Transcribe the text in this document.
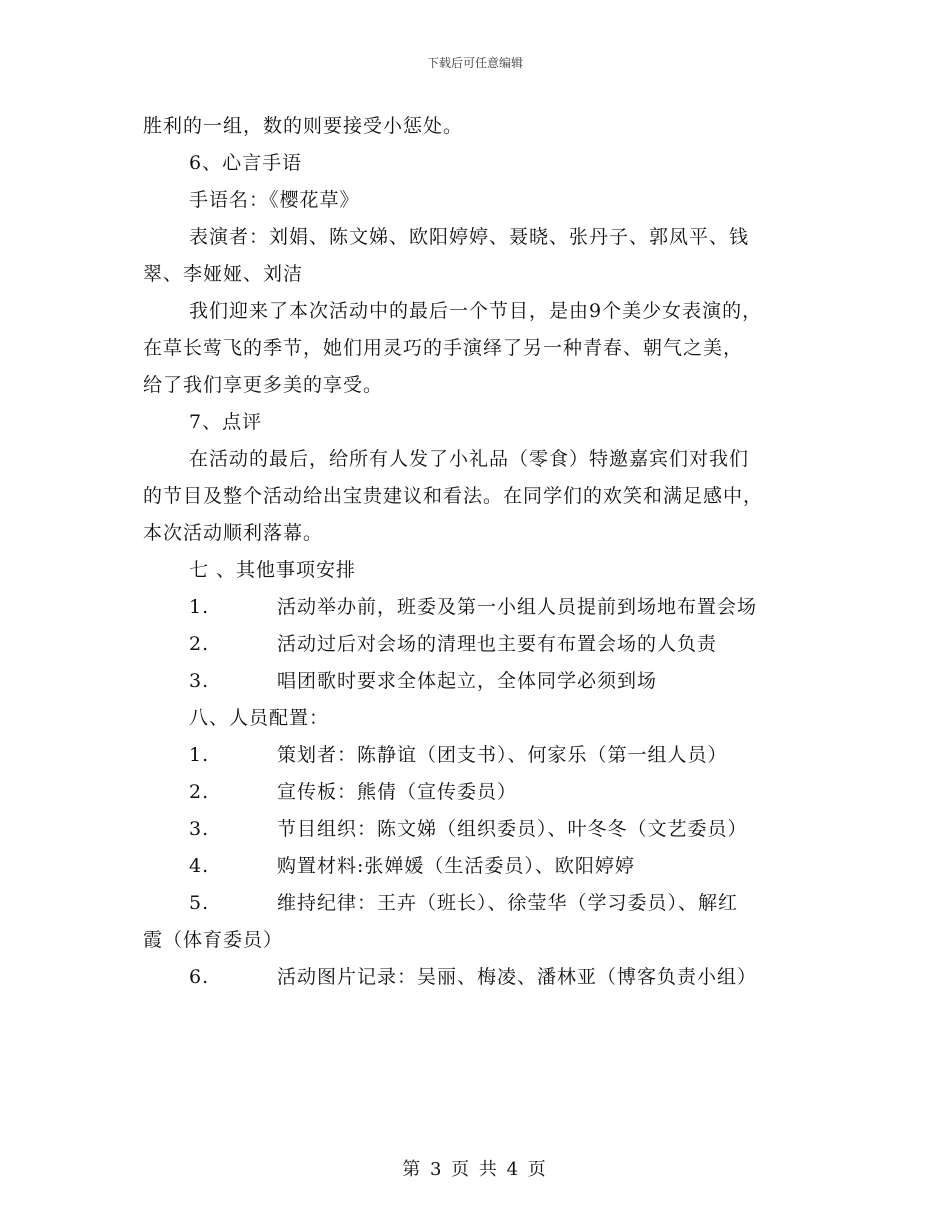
下载后可任意编辑
胜利的一组，数的则要接受小惩处。
6、心言手语
手语名：《樱花草》
表演者：刘娟、陈文娣、欧阳婷婷、聂晓、张丹子、郭凤平、钱
翠、李娅娅、刘洁
我们迎来了本次活动中的最后一个节目，是由9个美少女表演的，
在草长莺飞的季节，她们用灵巧的手演绎了另一种青春、朝气之美，
给了我们享更多美的享受。
7、点评
在活动的最后，给所有人发了小礼品（零食）特邀嘉宾们对我们
的节目及整个活动给出宝贵建议和看法。在同学们的欢笑和满足感中，
本次活动顺利落幕。
七 、其他事项安排
1.	活动举办前，班委及第一小组人员提前到场地布置会场
2.	活动过后对会场的清理也主要有布置会场的人负责
3.	唱团歌时要求全体起立，全体同学必须到场
八、人员配置：
1.	策划者：陈静谊（团支书）、何家乐（第一组人员）
2.	宣传板：熊倩（宣传委员）
3.	节目组织：陈文娣（组织委员）、叶冬冬（文艺委员）
4.	购置材料:张婵媛（生活委员）、欧阳婷婷
5.	维持纪律：王卉（班长）、徐莹华（学习委员）、解红
霞（体育委员）
6.	活动图片记录：吴丽、梅凌、潘林亚（博客负责小组）
第 3 页 共 4 页
